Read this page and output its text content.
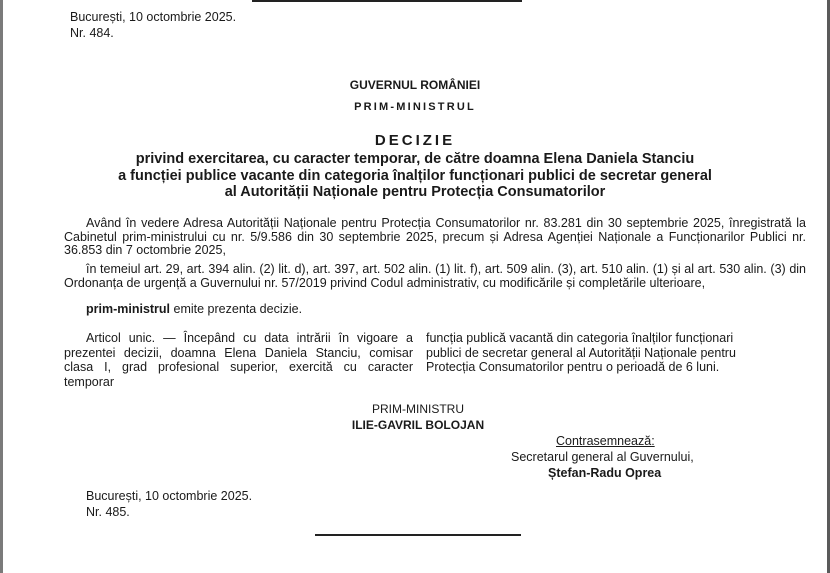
București, 10 octombrie 2025.
Nr. 484.
GUVERNUL ROMÂNIEI
PRIM-MINISTRUL
DECIZIE
privind exercitarea, cu caracter temporar, de către doamna Elena Daniela Stanciu
a funcției publice vacante din categoria înalților funcționari publici de secretar general
al Autorității Naționale pentru Protecția Consumatorilor

Având în vedere Adresa Autorității Naționale pentru Protecția Consumatorilor nr. 83.281 din 30 septembrie 2025, înregistrată la Cabinetul prim-ministrului cu nr. 5/9.586 din 30 septembrie 2025, precum și Adresa Agenției Naționale a Funcționarilor Publici nr. 36.853 din 7 octombrie 2025,

în temeiul art. 29, art. 394 alin. (2) lit. d), art. 397, art. 502 alin. (1) lit. f), art. 509 alin. (3), art. 510 alin. (1) și al art. 530 alin. (3) din Ordonanța de urgență a Guvernului nr. 57/2019 privind Codul administrativ, cu modificările și completările ulterioare,

prim-ministrul emite prezenta decizie.

Articol unic. — Începând cu data intrării în vigoare a prezentei decizii, doamna Elena Daniela Stanciu, comisar clasa I, grad profesional superior, exercită cu caracter temporar

funcția publică vacantă din categoria înalților funcționari publici de secretar general al Autorității Naționale pentru Protecția Consumatorilor pentru o perioadă de 6 luni.

PRIM-MINISTRU
ILIE-GAVRIL BOLOJAN
Contrasemnează:
Secretarul general al Guvernului,
Ștefan-Radu Oprea
București, 10 octombrie 2025.
Nr. 485.
